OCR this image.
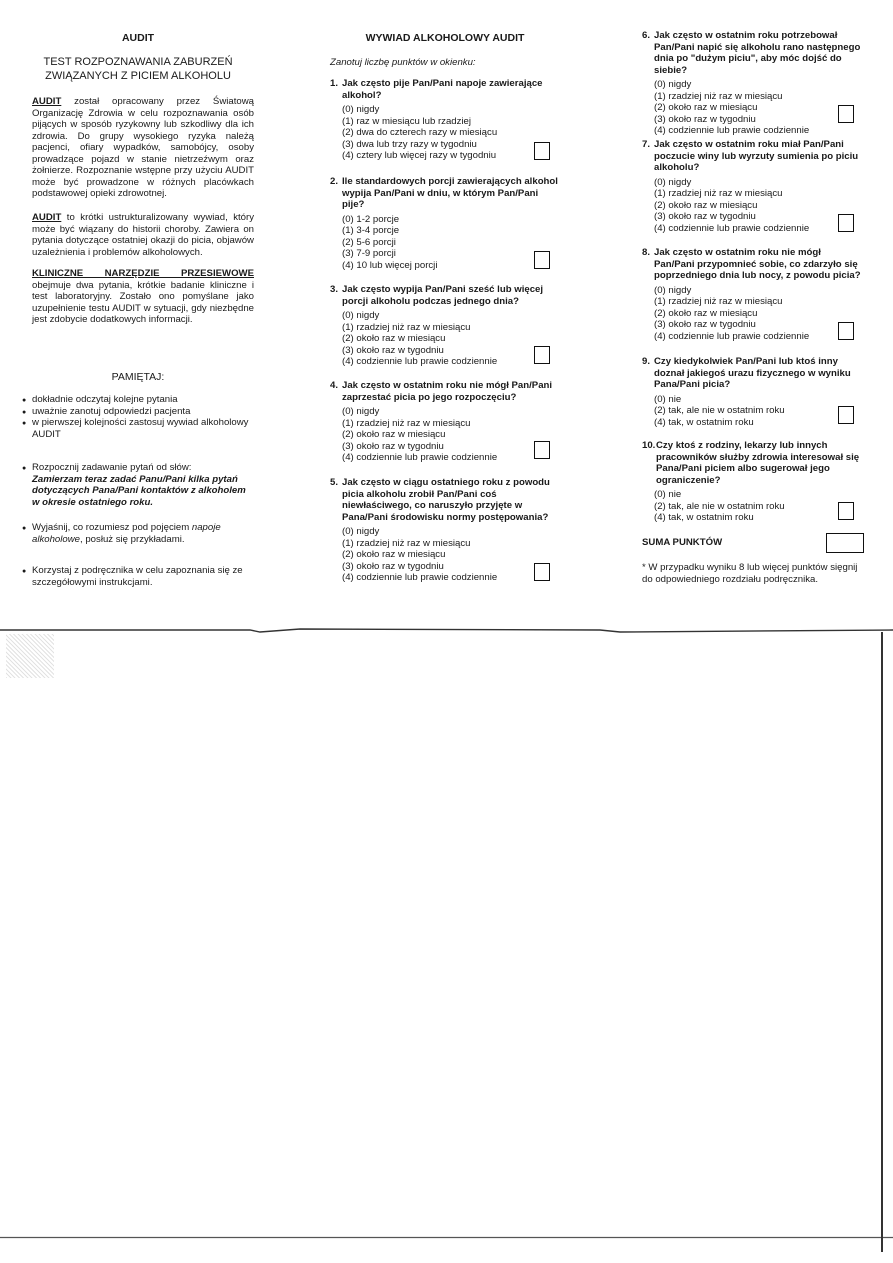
AUDIT
TEST ROZPOZNAWANIA ZABURZEŃ ZWIĄZANYCH Z PICIEM ALKOHOLU
AUDIT został opracowany przez Światową Organizację Zdrowia w celu rozpoznawania osób pijących w sposób ryzykowny lub szkodliwy dla ich zdrowia. Do grupy wysokiego ryzyka należą pacjenci, ofiary wypadków, samobójcy, osoby prowadzące pojazd w stanie nietrzeźwym oraz żołnierze. Rozpoznanie wstępne przy użyciu AUDIT może być prowadzone w różnych placówkach podstawowej opieki zdrowotnej.
AUDIT to krótki ustrukturalizowany wywiad, który może być wiązany do historii choroby. Zawiera on pytania dotyczące ostatniej okazji do picia, objawów uzależnienia i problemów alkoholowych.
KLINICZNE NARZĘDZIE PRZESIEWOWE obejmuje dwa pytania, krótkie badanie kliniczne i test laboratoryjny. Zostało ono pomyślane jako uzupełnienie testu AUDIT w sytuacji, gdy niezbędne jest zdobycie dodatkowych informacji.
PAMIĘTAJ:
● dokładnie odczytaj kolejne pytania
● uważnie zanotuj odpowiedzi pacjenta
● w pierwszej kolejności zastosuj wywiad alkoholowy AUDIT
● Rozpocznij zadawanie pytań od słów:
Zamierzam teraz zadać Panu/Pani kilka pytań dotyczących Pana/Pani kontaktów z alkoholem w okresie ostatniego roku.
● Wyjaśnij, co rozumiesz pod pojęciem napoje alkoholowe, posłuż się przykładami.
● Korzystaj z podręcznika w celu zapoznania się ze szczegółowymi instrukcjami.
WYWIAD ALKOHOLOWY AUDIT
Zanotuj liczbę punktów w okienku:
1. Jak często pije Pan/Pani napoje zawierające alkohol?
(0) nigdy
(1) raz w miesiącu lub rzadziej
(2) dwa do czterech razy w miesiącu
(3) dwa lub trzy razy w tygodniu
(4) cztery lub więcej razy w tygodniu
2. Ile standardowych porcji zawierających alkohol wypija Pan/Pani w dniu, w którym Pan/Pani pije?
(0) 1-2 porcje
(1) 3-4 porcje
(2) 5-6 porcji
(3) 7-9 porcji
(4) 10 lub więcej porcji
3. Jak często wypija Pan/Pani sześć lub więcej porcji alkoholu podczas jednego dnia?
(0) nigdy
(1) rzadziej niż raz w miesiącu
(2) około raz w miesiącu
(3) około raz w tygodniu
(4) codziennie lub prawie codziennie
4. Jak często w ostatnim roku nie mógł Pan/Pani zaprzestać picia po jego rozpoczęciu?
(0) nigdy
(1) rzadziej niż raz w miesiącu
(2) około raz w miesiącu
(3) około raz w tygodniu
(4) codziennie lub prawie codziennie
5. Jak często w ciągu ostatniego roku z powodu picia alkoholu zrobił Pan/Pani coś niewłaściwego, co naruszyło przyjęte w Pana/Pani środowisku normy postępowania?
(0) nigdy
(1) rzadziej niż raz w miesiącu
(2) około raz w miesiącu
(3) około raz w tygodniu
(4) codziennie lub prawie codziennie
6. Jak często w ostatnim roku potrzebował Pan/Pani napić się alkoholu rano następnego dnia po "dużym piciu", aby móc dojść do siebie?
(0) nigdy
(1) rzadziej niż raz w miesiącu
(2) około raz w miesiącu
(3) około raz w tygodniu
(4) codziennie lub prawie codziennie
7. Jak często w ostatnim roku miał Pan/Pani poczucie winy lub wyrzuty sumienia po piciu alkoholu?
(0) nigdy
(1) rzadziej niż raz w miesiącu
(2) około raz w miesiącu
(3) około raz w tygodniu
(4) codziennie lub prawie codziennie
8. Jak często w ostatnim roku nie mógł Pan/Pani przypomnieć sobie, co zdarzyło się poprzedniego dnia lub nocy, z powodu picia?
(0) nigdy
(1) rzadziej niż raz w miesiącu
(2) około raz w miesiącu
(3) około raz w tygodniu
(4) codziennie lub prawie codziennie
9. Czy kiedykolwiek Pan/Pani lub ktoś inny doznał jakiegoś urazu fizycznego w wyniku Pana/Pani picia?
(0) nie
(2) tak, ale nie w ostatnim roku
(4) tak, w ostatnim roku
10. Czy ktoś z rodziny, lekarzy lub innych pracowników służby zdrowia interesował się Pana/Pani piciem albo sugerował jego ograniczenie?
(0) nie
(2) tak, ale nie w ostatnim roku
(4) tak, w ostatnim roku
SUMA PUNKTÓW
* W przypadku wyniku 8 lub więcej punktów sięgnij do odpowiedniego rozdziału podręcznika.
